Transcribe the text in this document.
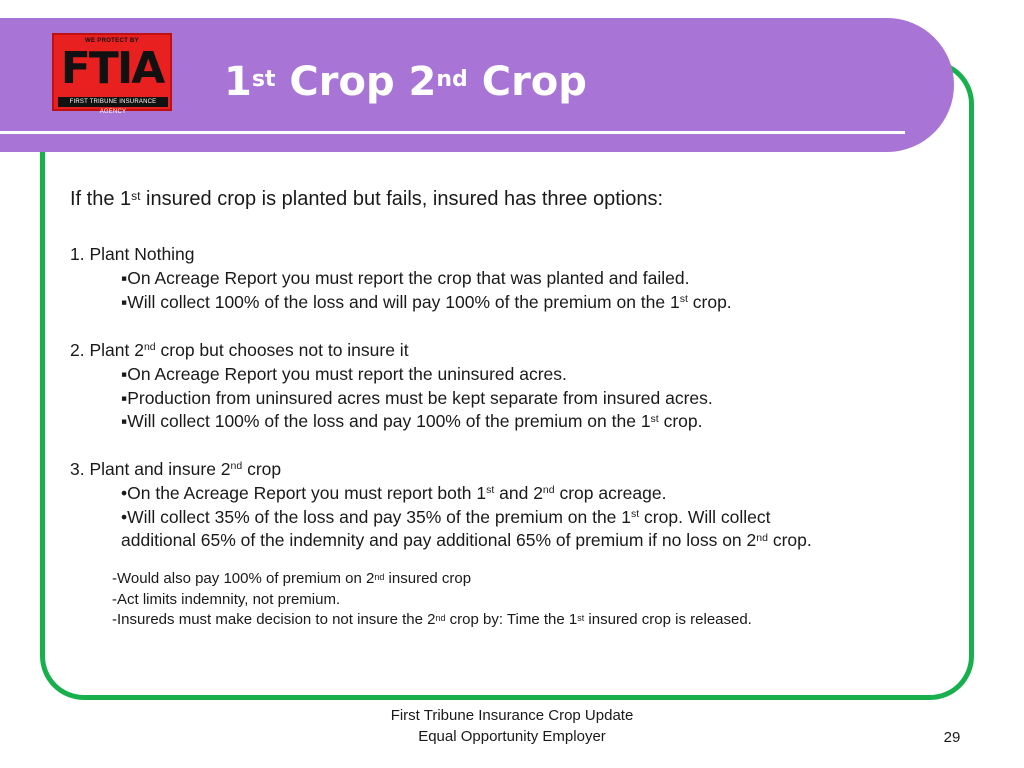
WE PROTECT BY
FTIA
FIRST TRIBUNE INSURANCE AGENCY
1st Crop 2nd Crop
If the 1st insured crop is planted but fails, insured has three options:
1. Plant Nothing
▪On Acreage Report you must report the crop that was planted and failed.
▪Will collect 100% of the loss and will pay 100% of the premium on the 1st crop.
2. Plant 2nd crop but chooses not to insure it
▪On Acreage Report you must report the uninsured acres.
▪Production from uninsured acres must be kept separate from insured acres.
▪Will collect 100% of the loss and pay 100% of the premium on the 1st crop.
3. Plant and insure 2nd crop
•On the Acreage Report you must report both 1st and 2nd crop acreage.
•Will collect 35% of the loss and pay 35% of the premium on the 1st crop. Will collect
additional 65% of the indemnity and pay additional 65% of premium if no loss on 2nd crop.
-Would also pay 100% of premium on 2nd insured crop
-Act limits indemnity, not premium.
-Insureds must make decision to not insure the 2nd crop by: Time the 1st insured crop is released.
First Tribune Insurance Crop Update
Equal Opportunity Employer	29
